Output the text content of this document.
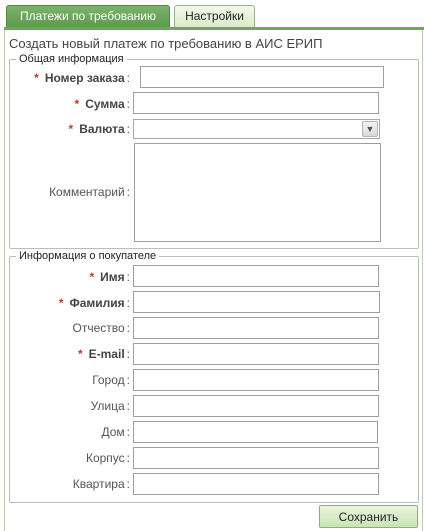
Платежи по требованию	Настройки
Создать новый платеж по требованию в АИС ЕРИП
Общая информация
Информация о покупателе
* Номер заказа :
* Сумма :
* Валюта :	▼
Комментарий :
* Имя :
* Фамилия :
Отчество :
* E-mail :
Город :
Улица :
Дом :
Корпус :
Квартира :
Сохранить
